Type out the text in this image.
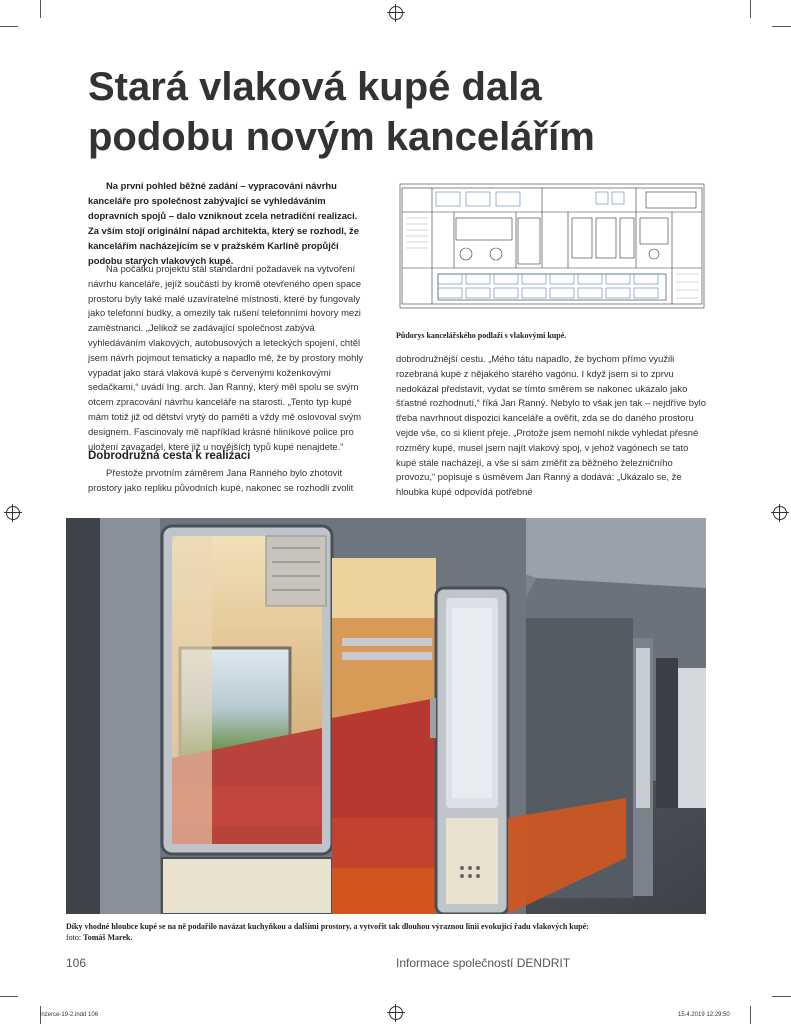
Stará vlaková kupé dala
podobu novým kancelářím

Na první pohled běžné zadání – vypracování návrhu kanceláře pro společnost zabývající se vyhledáváním dopravních spojů – dalo vzniknout zcela netradiční realizaci. Za vším stojí originální nápad architekta, který se rozhodl, že kancelářím nacházejícím se v pražském Karlíně propůjčí podobu starých vlakových kupé.

Na počátku projektu stál standardní požadavek na vytvoření návrhu kanceláře, jejíž součástí by kromě otevřeného open space prostoru byly také malé uzavíratelné místnosti, které by fungovaly jako telefonní budky, a omezily tak rušení telefonními hovory mezi zaměstnanci. „Jelikož se zadávající společnost zabývá vyhledáváním vlakových, autobusových a leteckých spojení, chtěl jsem návrh pojmout tematicky a napadlo mě, že by prostory mohly vypadat jako stará vlaková kupé s červenými koženkovými sedačkami,“ uvádí Ing. arch. Jan Ranný, který měl spolu se svým otcem zpracování návrhu kanceláře na starosti. „Tento typ kupé mám totiž již od dětství vrytý do paměti a vždy mě oslovoval svým designem. Fascinovaly mě například krásné hliníkové police pro uložení zavazadel, které již u novějších typů kupé nenajdete.“

Dobrodružná cesta k realizaci

Přestože prvotním záměrem Jana Ranného bylo zhotovit prostory jako repliku původních kupé, nakonec se rozhodli zvolit

dobrodružnější cestu. „Mého tátu napadlo, že bychom přímo využili rozebraná kupé z nějakého starého vagónu. I když jsem si to zprvu nedokázal představit, vydat se tímto směrem se nakonec ukázalo jako šťastné rozhodnutí,“ říká Jan Ranný. Nebylo to však jen tak – nejdříve bylo třeba navrhnout dispozici kanceláře a ověřit, zda se do daného prostoru vejde vše, co si klient přeje. „Protože jsem nemohl nikde vyhledat přesné rozměry kupé, musel jsem najít vlakový spoj, v jehož vagónech se tato kupé stále nacházejí, a vše si sám změřit za běžného železničního provozu,“ popisuje s úsměvem Jan Ranný a dodává: „Ukázalo se, že hloubka kupé odpovídá potřebné

Půdorys kancelářského podlaží s vlakovými kupé.

Díky vhodné hloubce kupé se na ně podařilo navázat kuchyňkou a dalšími prostory, a vytvořit tak dlouhou výraznou linii evokující řadu vlakových kupé:
foto: Tomáš Marek.

106	Informace společností DENDRIT
inzerce-19-2.indd 106	15.4.2019 12:29:50
